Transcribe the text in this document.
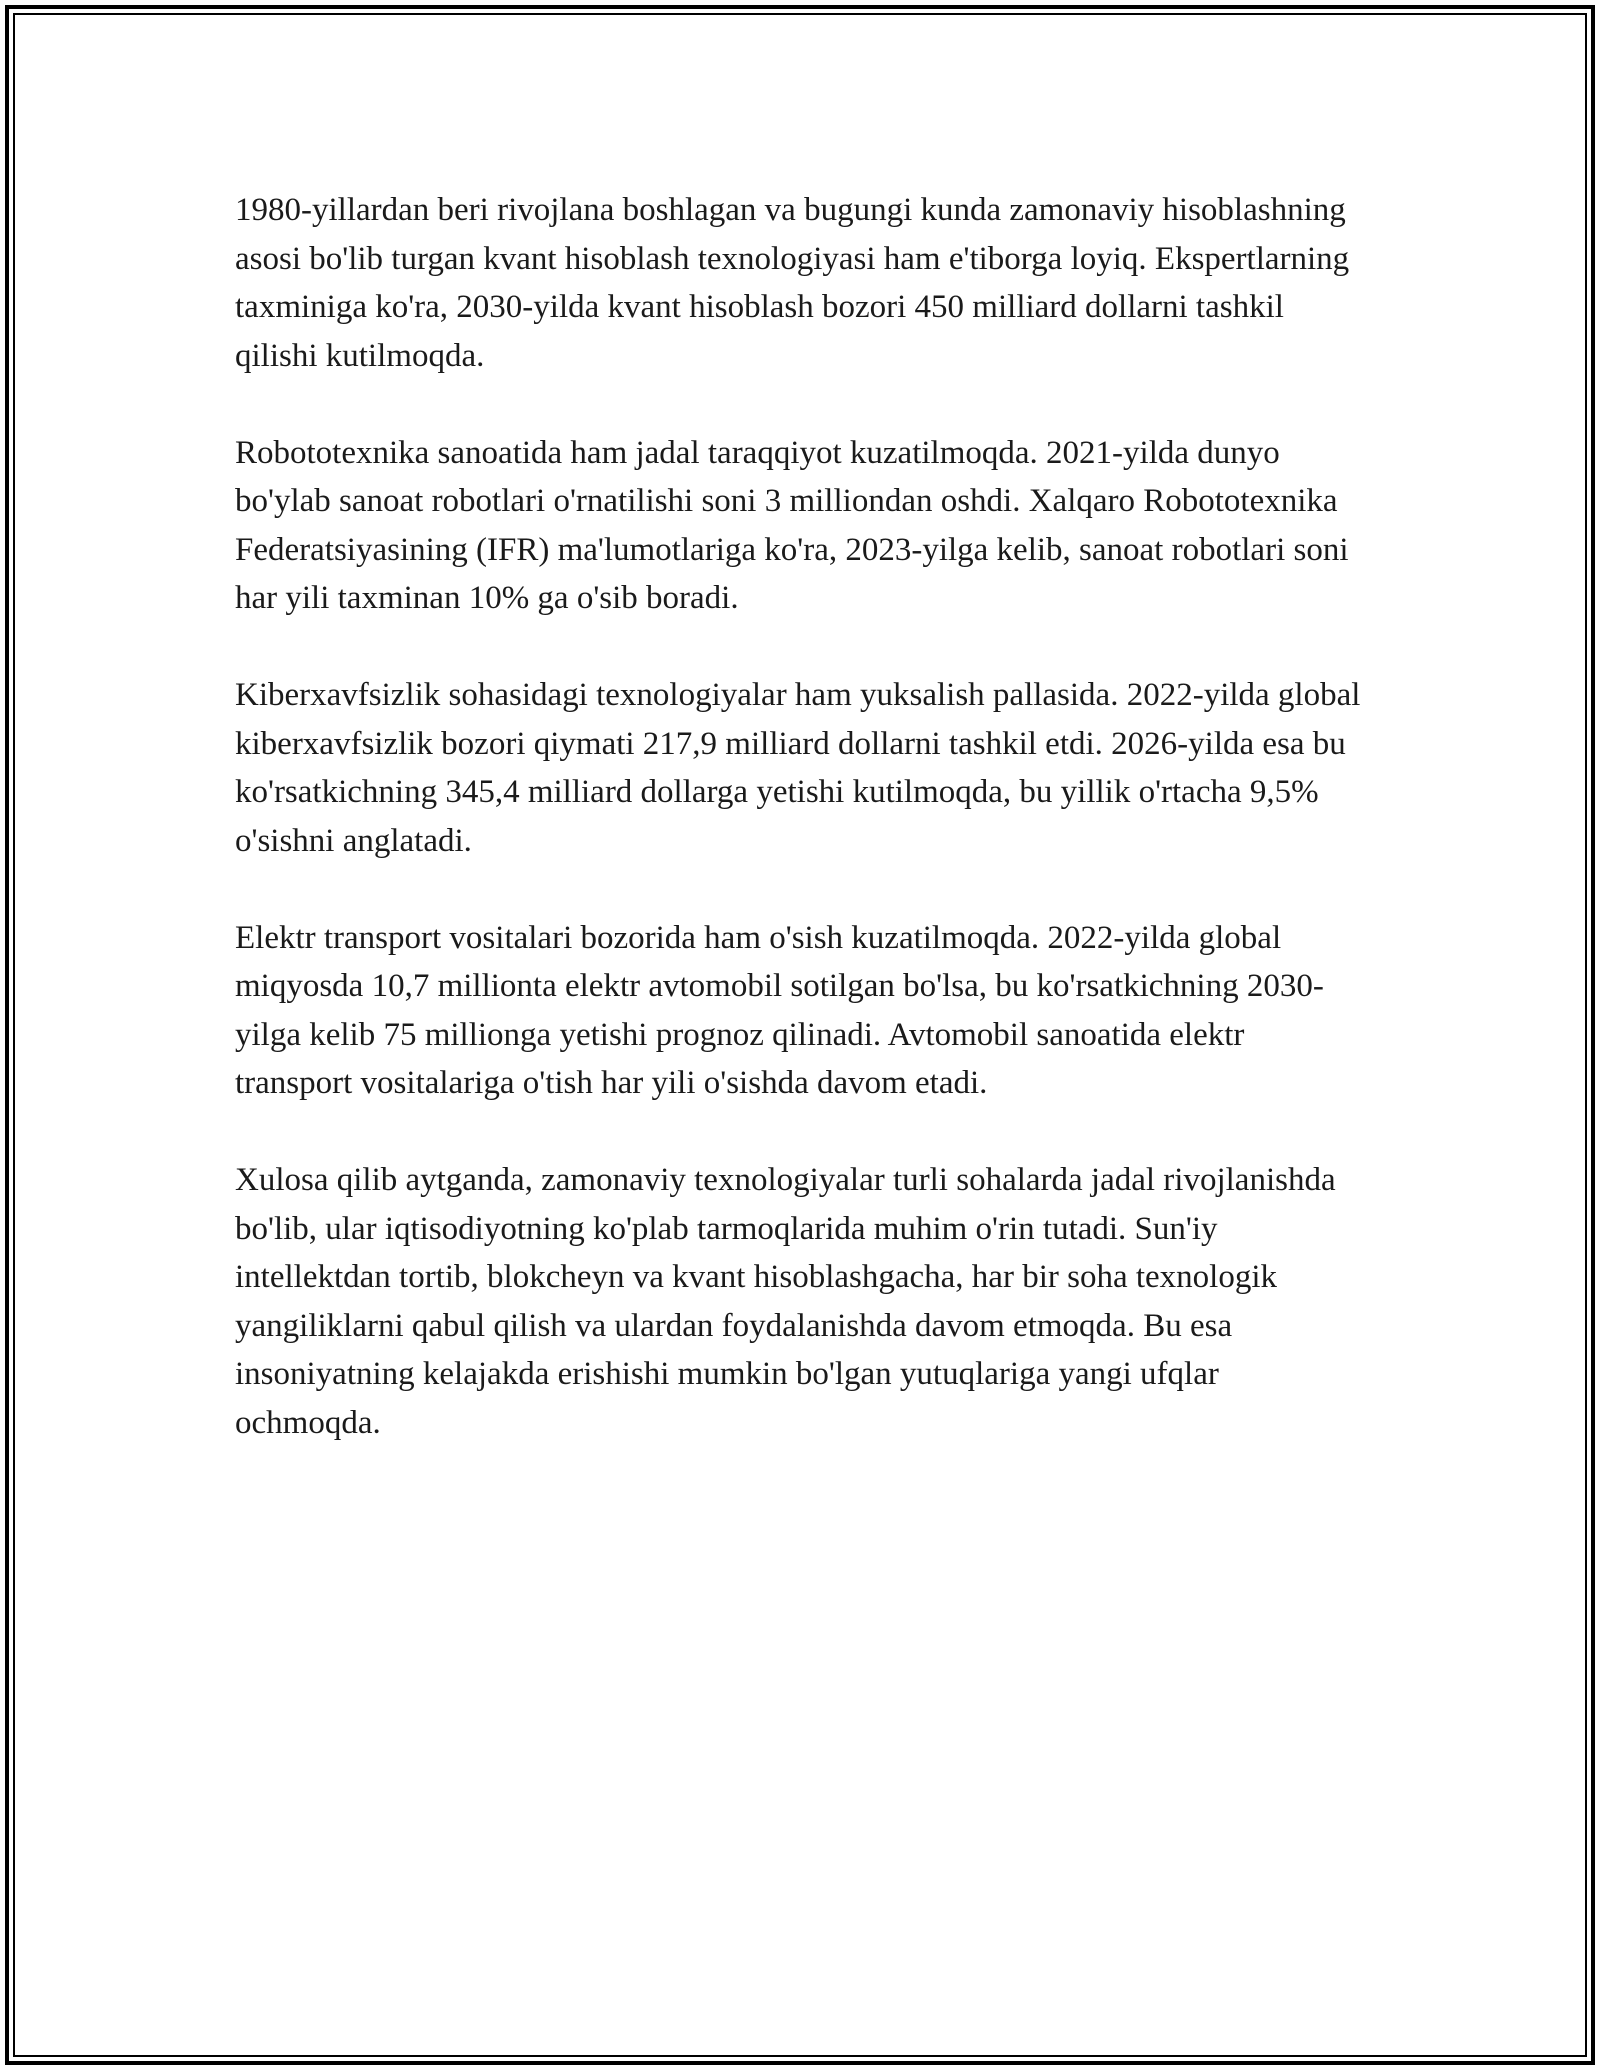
1980-yillardan beri rivojlana boshlagan va bugungi kunda zamonaviy hisoblashning asosi bo'lib turgan kvant hisoblash texnologiyasi ham e'tiborga loyiq. Ekspertlarning taxminiga ko'ra, 2030-yilda kvant hisoblash bozori 450 milliard dollarni tashkil qilishi kutilmoqda.

Robototexnika sanoatida ham jadal taraqqiyot kuzatilmoqda. 2021-yilda dunyo bo'ylab sanoat robotlari o'rnatilishi soni 3 milliondan oshdi. Xalqaro Robototexnika Federatsiyasining (IFR) ma'lumotlariga ko'ra, 2023-yilga kelib, sanoat robotlari soni har yili taxminan 10% ga o'sib boradi.

Kiberxavfsizlik sohasidagi texnologiyalar ham yuksalish pallasida. 2022-yilda global kiberxavfsizlik bozori qiymati 217,9 milliard dollarni tashkil etdi. 2026-yilda esa bu ko'rsatkichning 345,4 milliard dollarga yetishi kutilmoqda, bu yillik o'rtacha 9,5% o'sishni anglatadi.

Elektr transport vositalari bozorida ham o'sish kuzatilmoqda. 2022-yilda global miqyosda 10,7 millionta elektr avtomobil sotilgan bo'lsa, bu ko'rsatkichning 2030-yilga kelib 75 millionga yetishi prognoz qilinadi. Avtomobil sanoatida elektr transport vositalariga o'tish har yili o'sishda davom etadi.

Xulosa qilib aytganda, zamonaviy texnologiyalar turli sohalarda jadal rivojlanishda bo'lib, ular iqtisodiyotning ko'plab tarmoqlarida muhim o'rin tutadi. Sun'iy intellektdan tortib, blokcheyn va kvant hisoblashgacha, har bir soha texnologik yangiliklarni qabul qilish va ulardan foydalanishda davom etmoqda. Bu esa insoniyatning kelajakda erishishi mumkin bo'lgan yutuqlariga yangi ufqlar ochmoqda.
